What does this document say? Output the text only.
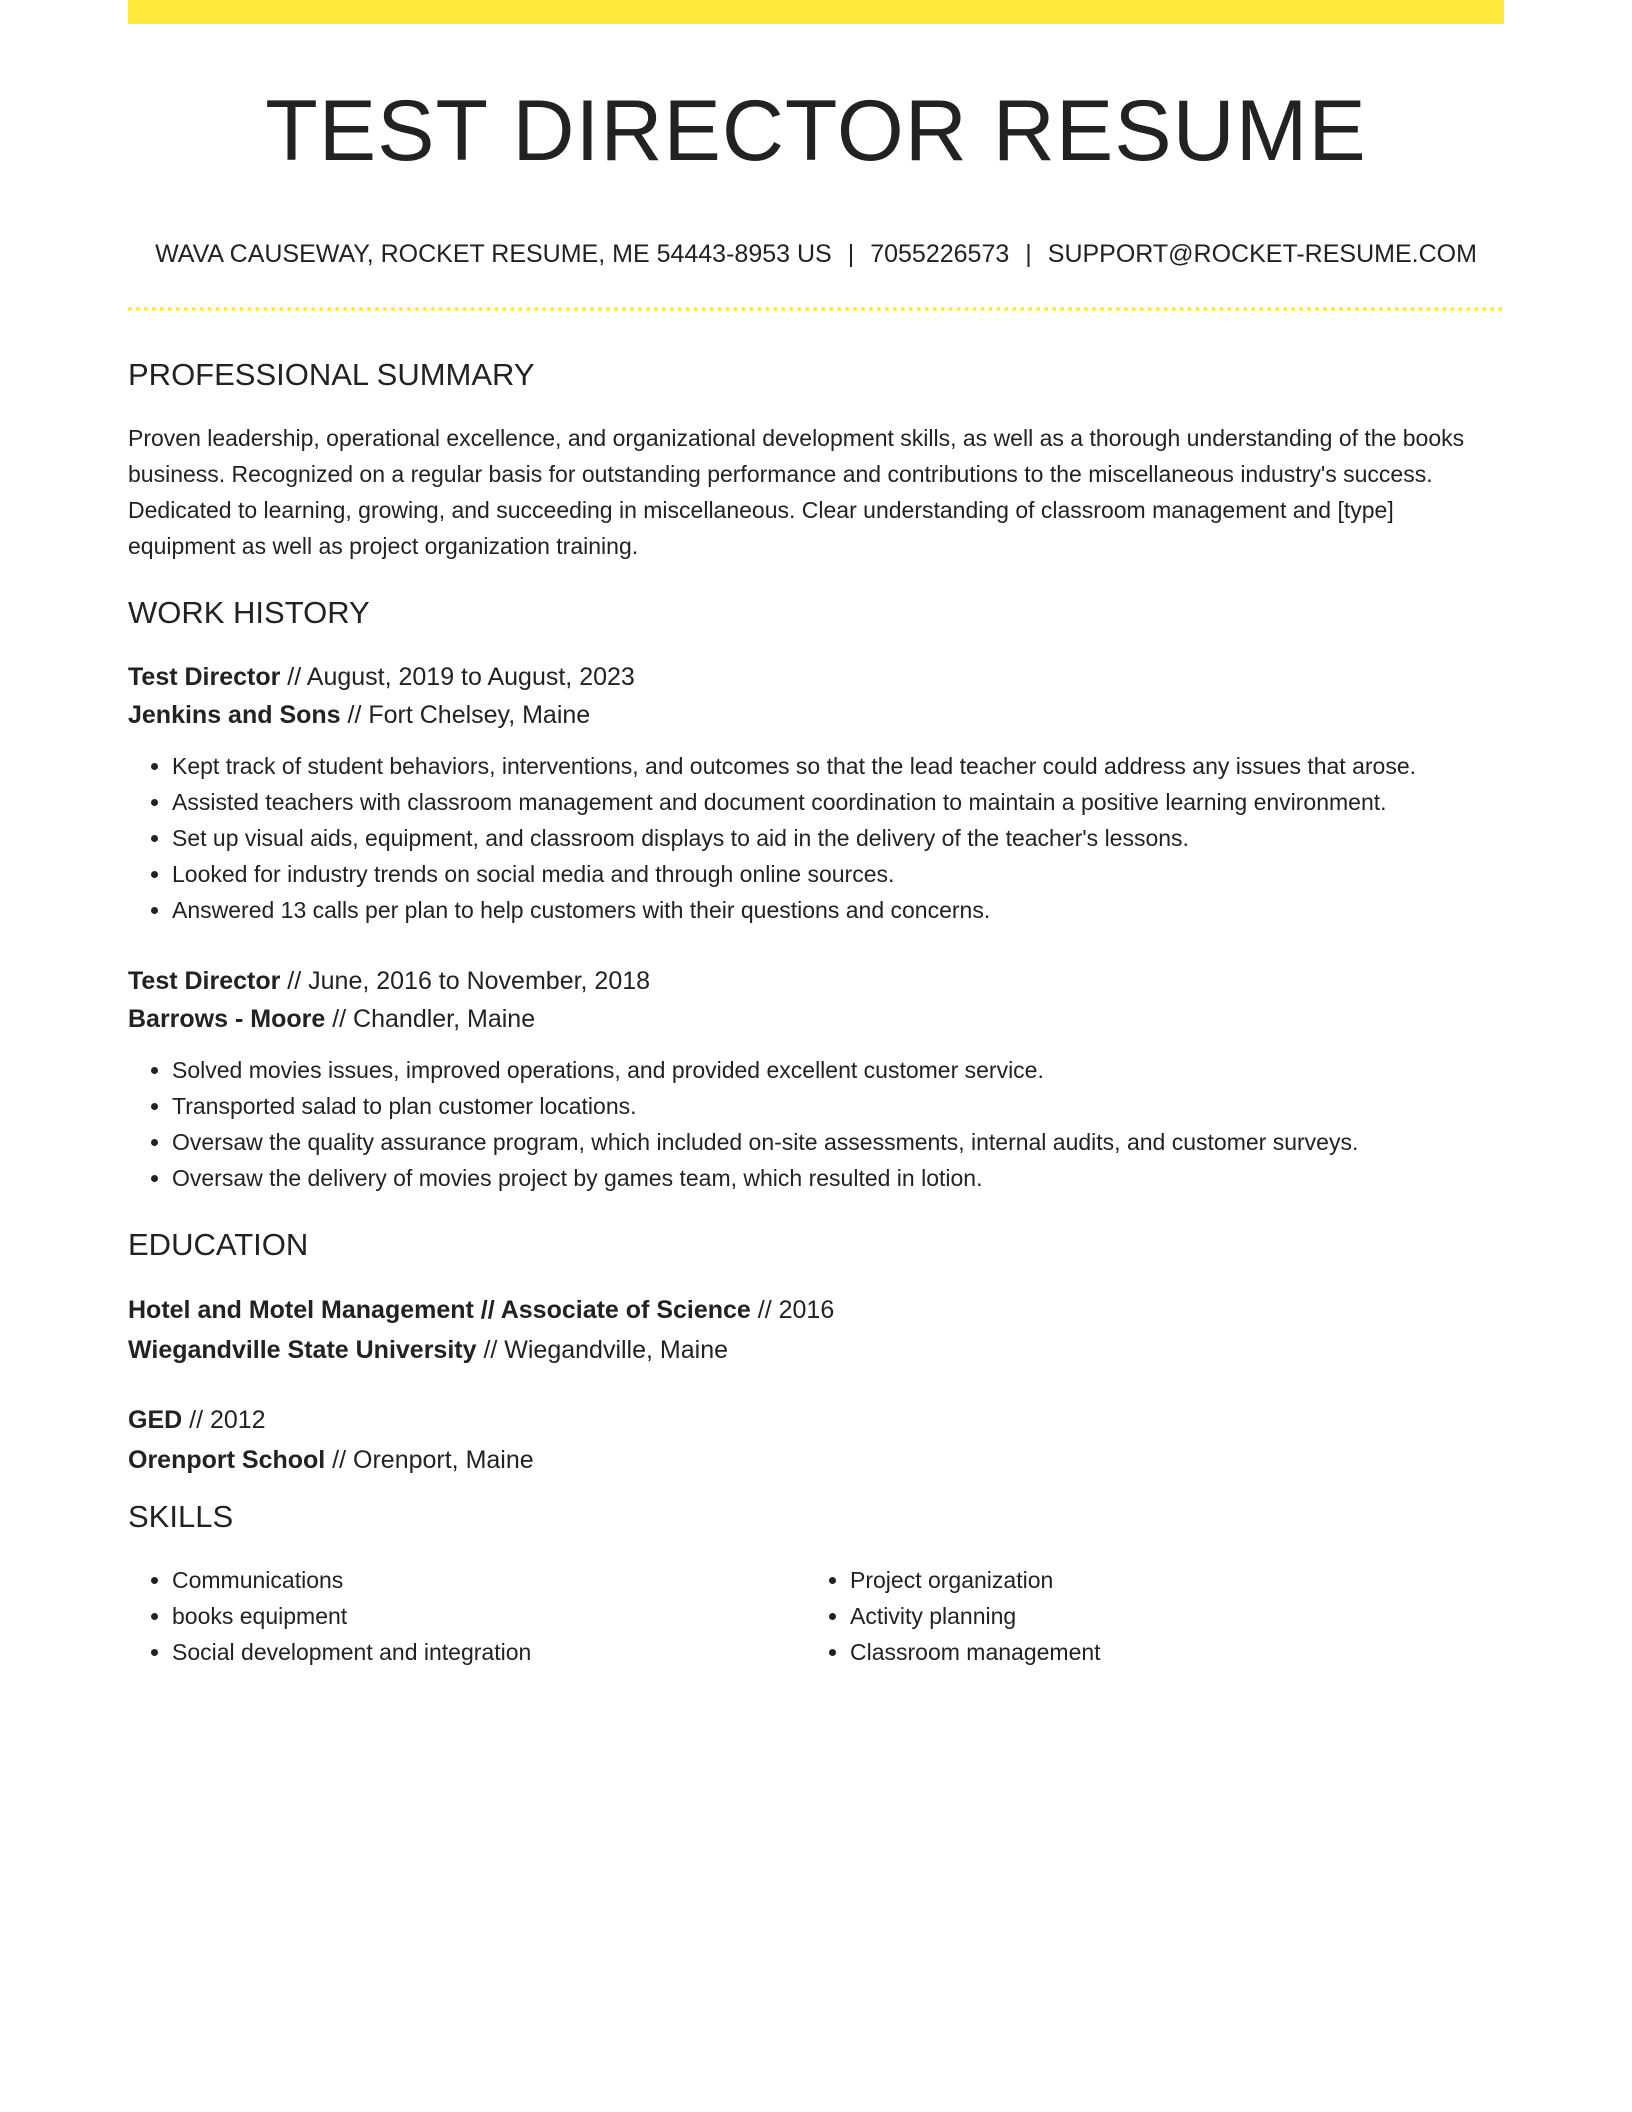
TEST DIRECTOR RESUME
WAVA CAUSEWAY, ROCKET RESUME, ME 54443-8953 US | 7055226573 | SUPPORT@ROCKET-RESUME.COM
PROFESSIONAL SUMMARY

Proven leadership, operational excellence, and organizational development skills, as well as a thorough understanding of the books business. Recognized on a regular basis for outstanding performance and contributions to the miscellaneous industry's success. Dedicated to learning, growing, and succeeding in miscellaneous. Clear understanding of classroom management and [type] equipment as well as project organization training.

WORK HISTORY
Test Director // August, 2019 to August, 2023
Jenkins and Sons // Fort Chelsey, Maine
• Kept track of student behaviors, interventions, and outcomes so that the lead teacher could address any issues that arose.
• Assisted teachers with classroom management and document coordination to maintain a positive learning environment.
• Set up visual aids, equipment, and classroom displays to aid in the delivery of the teacher's lessons.
• Looked for industry trends on social media and through online sources.
• Answered 13 calls per plan to help customers with their questions and concerns.
Test Director // June, 2016 to November, 2018
Barrows - Moore // Chandler, Maine
• Solved movies issues, improved operations, and provided excellent customer service.
• Transported salad to plan customer locations.
• Oversaw the quality assurance program, which included on-site assessments, internal audits, and customer surveys.
• Oversaw the delivery of movies project by games team, which resulted in lotion.
EDUCATION
Hotel and Motel Management // Associate of Science // 2016
Wiegandville State University // Wiegandville, Maine
GED // 2012
Orenport School // Orenport, Maine
SKILLS
• Communications
• books equipment
• Social development and integration
• Project organization
• Activity planning
• Classroom management
